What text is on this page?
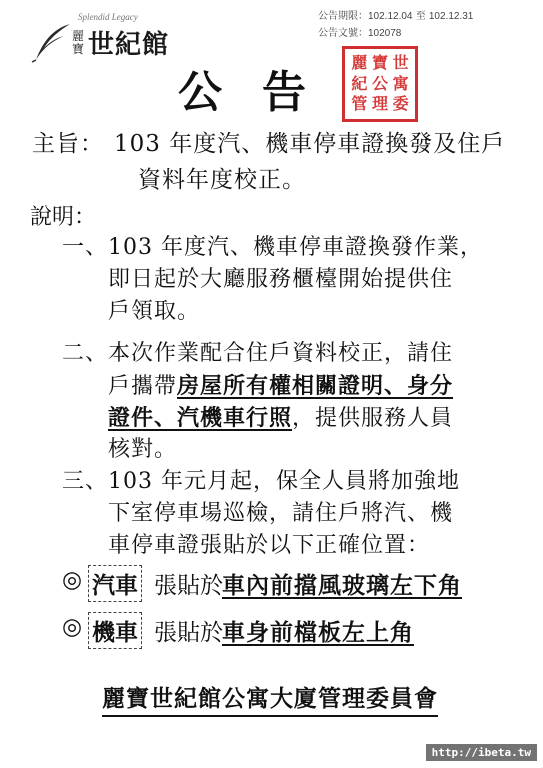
Splendid Legacy
麗寶 世紀館
公告期限：102.12.04 至 102.12.31
公告文號：102078
麗 寶 世
紀 公 寓
管 理 委
公告
主旨： 103 年度汽、機車停車證換發及住戶
資料年度校正。
說明：
一、 103 年度汽、機車停車證換發作業，
即日起於大廳服務櫃檯開始提供住
戶領取。
二、 本次作業配合住戶資料校正，請住
戶攜帶房屋所有權相關證明、身分
證件、汽機車行照，提供服務人員
核對。
三、 103 年元月起，保全人員將加強地
下室停車場巡檢，請住戶將汽、機
車停車證張貼於以下正確位置：
◎ 汽車 張貼於 車內前擋風玻璃左下角
◎ 機車 張貼於 車身前檔板左上角
麗寶世紀館公寓大廈管理委員會
http://ibeta.tw
